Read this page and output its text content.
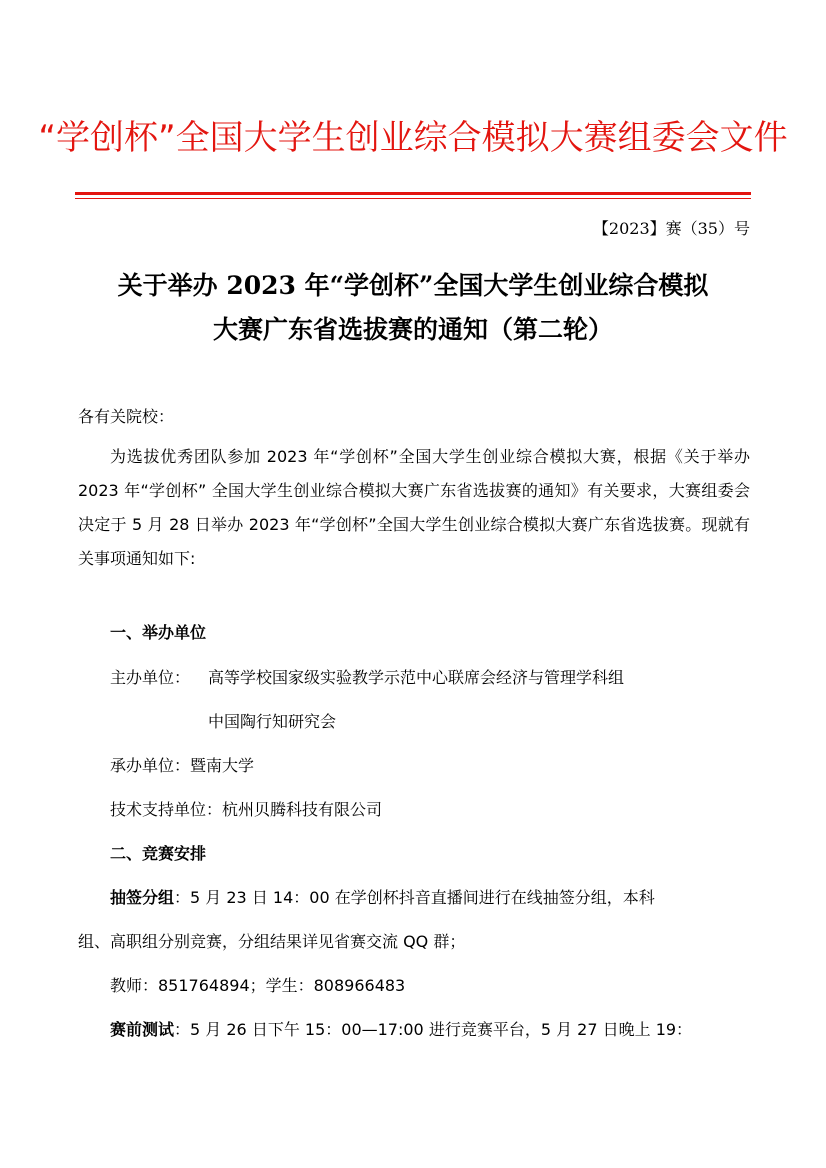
“学创杯”全国大学生创业综合模拟大赛组委会文件
【2023】赛（35）号
关于举办 2023 年“学创杯”全国大学生创业综合模拟
大赛广东省选拔赛的通知（第二轮）
各有关院校：
为选拔优秀团队参加 2023 年“学创杯”全国大学生创业综合模拟大赛，根据《关于举办 2023 年“学创杯” 全国大学生创业综合模拟大赛广东省选拔赛的通知》有关要求，大赛组委会决定于 5 月 28 日举办 2023 年“学创杯”全国大学生创业综合模拟大赛广东省选拔赛。现就有关事项通知如下:
一、举办单位
主办单位： 高等学校国家级实验教学示范中心联席会经济与管理学科组
中国陶行知研究会
承办单位：暨南大学
技术支持单位：杭州贝腾科技有限公司
二、竞赛安排
抽签分组：5 月 23 日 14：00 在学创杯抖音直播间进行在线抽签分组，本科
组、高职组分别竞赛，分组结果详见省赛交流 QQ 群；
教师：851764894；学生：808966483
赛前测试：5 月 26 日下午 15：00—17:00 进行竞赛平台，5 月 27 日晚上 19：
